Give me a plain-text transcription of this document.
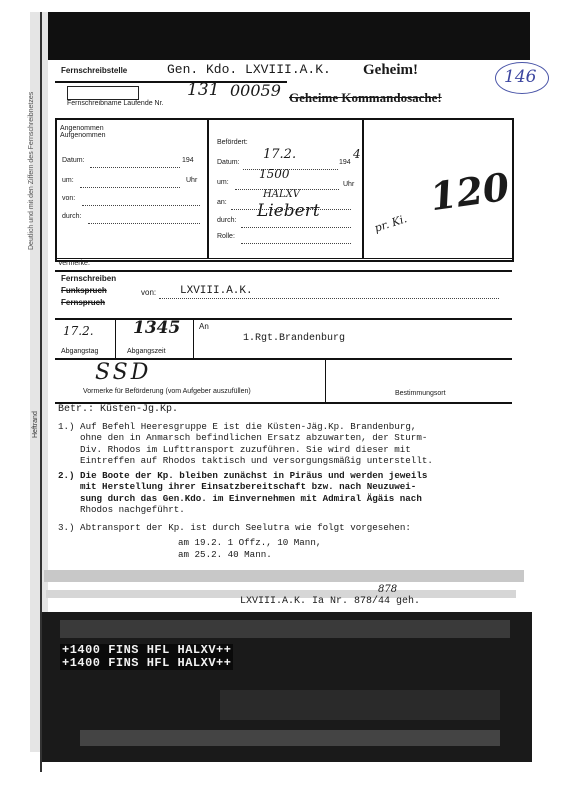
Fernschreibstelle	Gen. Kdo. LXVIII.A.K. Geheim!	146
131 00059
Fernschreibname Laufende Nr.	Geheime Kommandosache!
Angenommen
Aufgenommen
Datum:	194
um:	Uhr
von:
durch:
Befördert:
Datum:
17.2.
194
4
um:
1500
Uhr
an:
HALXV
durch: Liebert
Rolle:
pr. Ki.
120
Vermerke:
Fernschreiben
Funkspruch
Fernspruch
von: LXVIII.A.K.
17.2.
Abgangstag
1345
Abgangszeit
An
1.Rgt.Brandenburg
SSD
Vormerke für Beförderung (vom Aufgeber auszufüllen)	Bestimmungsort
Deutlich und mit den Ziffern des Fernschreibnetzes
Heftrand
Betr.: Küsten-Jg.Kp.
1.) Auf Befehl Heeresgruppe E ist die Küsten-Jäg.Kp. Brandenburg,
ohne den in Anmarsch befindlichen Ersatz abzuwarten, der Sturm-
Div. Rhodos im Lufttransport zuzuführen. Sie wird dieser mit
Eintreffen auf Rhodos taktisch und versorgungsmäßig unterstellt.
2.) Die Boote der Kp. bleiben zunächst in Piräus und werden jeweils
mit Herstellung ihrer Einsatzbereitschaft bzw. nach Neuzuwei-
sung durch das Gen.Kdo. im Einvernehmen mit Admiral Ägäis nach
Rhodos nachgeführt.
3.) Abtransport der Kp. ist durch Seelutra wie folgt vorgesehen:
am 19.2. 1 Offz., 10 Mann,
am 25.2. 40 Mann.
LXVIII.A.K. Ia Nr. 878/44 geh.
878
+1400 FINS HFL HALXV++
+1400 FINS HFL HALXV++
